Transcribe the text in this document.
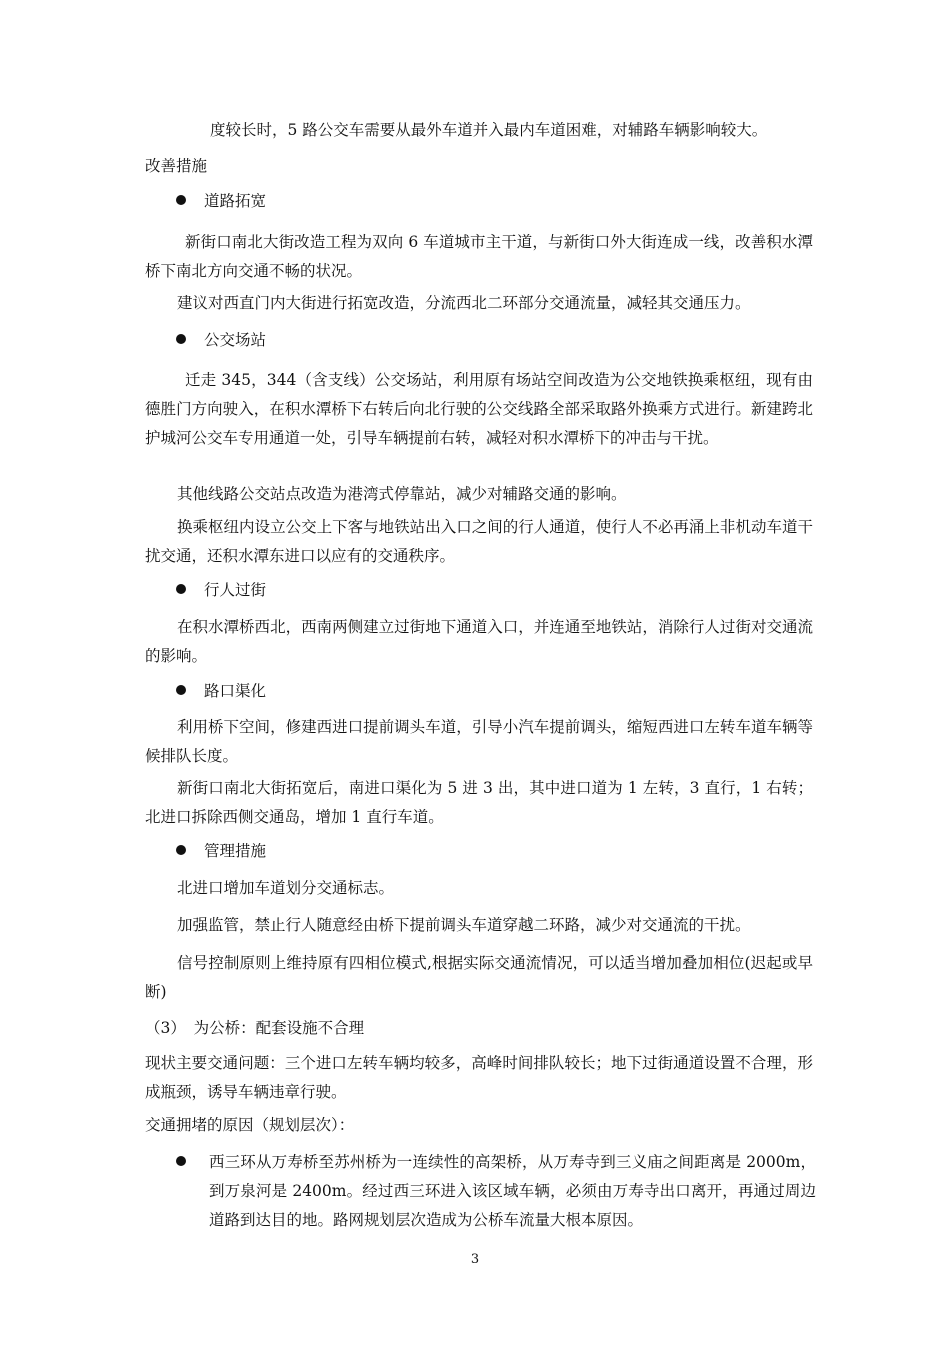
度较长时，5 路公交车需要从最外车道并入最内车道困难，对辅路车辆影响较大。
改善措施
道路拓宽
新街口南北大街改造工程为双向 6 车道城市主干道，与新街口外大街连成一线，改善积水潭桥下南北方向交通不畅的状况。
建议对西直门内大街进行拓宽改造，分流西北二环部分交通流量，减轻其交通压力。
公交场站
迁走 345，344（含支线）公交场站，利用原有场站空间改造为公交地铁换乘枢纽，现有由德胜门方向驶入，在积水潭桥下右转后向北行驶的公交线路全部采取路外换乘方式进行。新建跨北护城河公交车专用通道一处，引导车辆提前右转，减轻对积水潭桥下的冲击与干扰。
其他线路公交站点改造为港湾式停靠站，减少对辅路交通的影响。
换乘枢纽内设立公交上下客与地铁站出入口之间的行人通道，使行人不必再涌上非机动车道干扰交通，还积水潭东进口以应有的交通秩序。
行人过街
在积水潭桥西北，西南两侧建立过街地下通道入口，并连通至地铁站，消除行人过街对交通流的影响。
路口渠化
利用桥下空间，修建西进口提前调头车道，引导小汽车提前调头，缩短西进口左转车道车辆等候排队长度。
新街口南北大街拓宽后，南进口渠化为 5 进 3 出，其中进口道为 1 左转，3 直行，1 右转；北进口拆除西侧交通岛，增加 1 直行车道。
管理措施
北进口增加车道划分交通标志。
加强监管，禁止行人随意经由桥下提前调头车道穿越二环路，减少对交通流的干扰。
信号控制原则上维持原有四相位模式,根据实际交通流情况，可以适当增加叠加相位(迟起或早断)
（3）　为公桥：配套设施不合理
现状主要交通问题：三个进口左转车辆均较多，高峰时间排队较长；地下过街通道设置不合理，形成瓶颈，诱导车辆违章行驶。
交通拥堵的原因（规划层次）：
西三环从万寿桥至苏州桥为一连续性的高架桥，从万寿寺到三义庙之间距离是 2000m，到万泉河是 2400m。经过西三环进入该区域车辆，必须由万寿寺出口离开，再通过周边道路到达目的地。路网规划层次造成为公桥车流量大根本原因。
3
